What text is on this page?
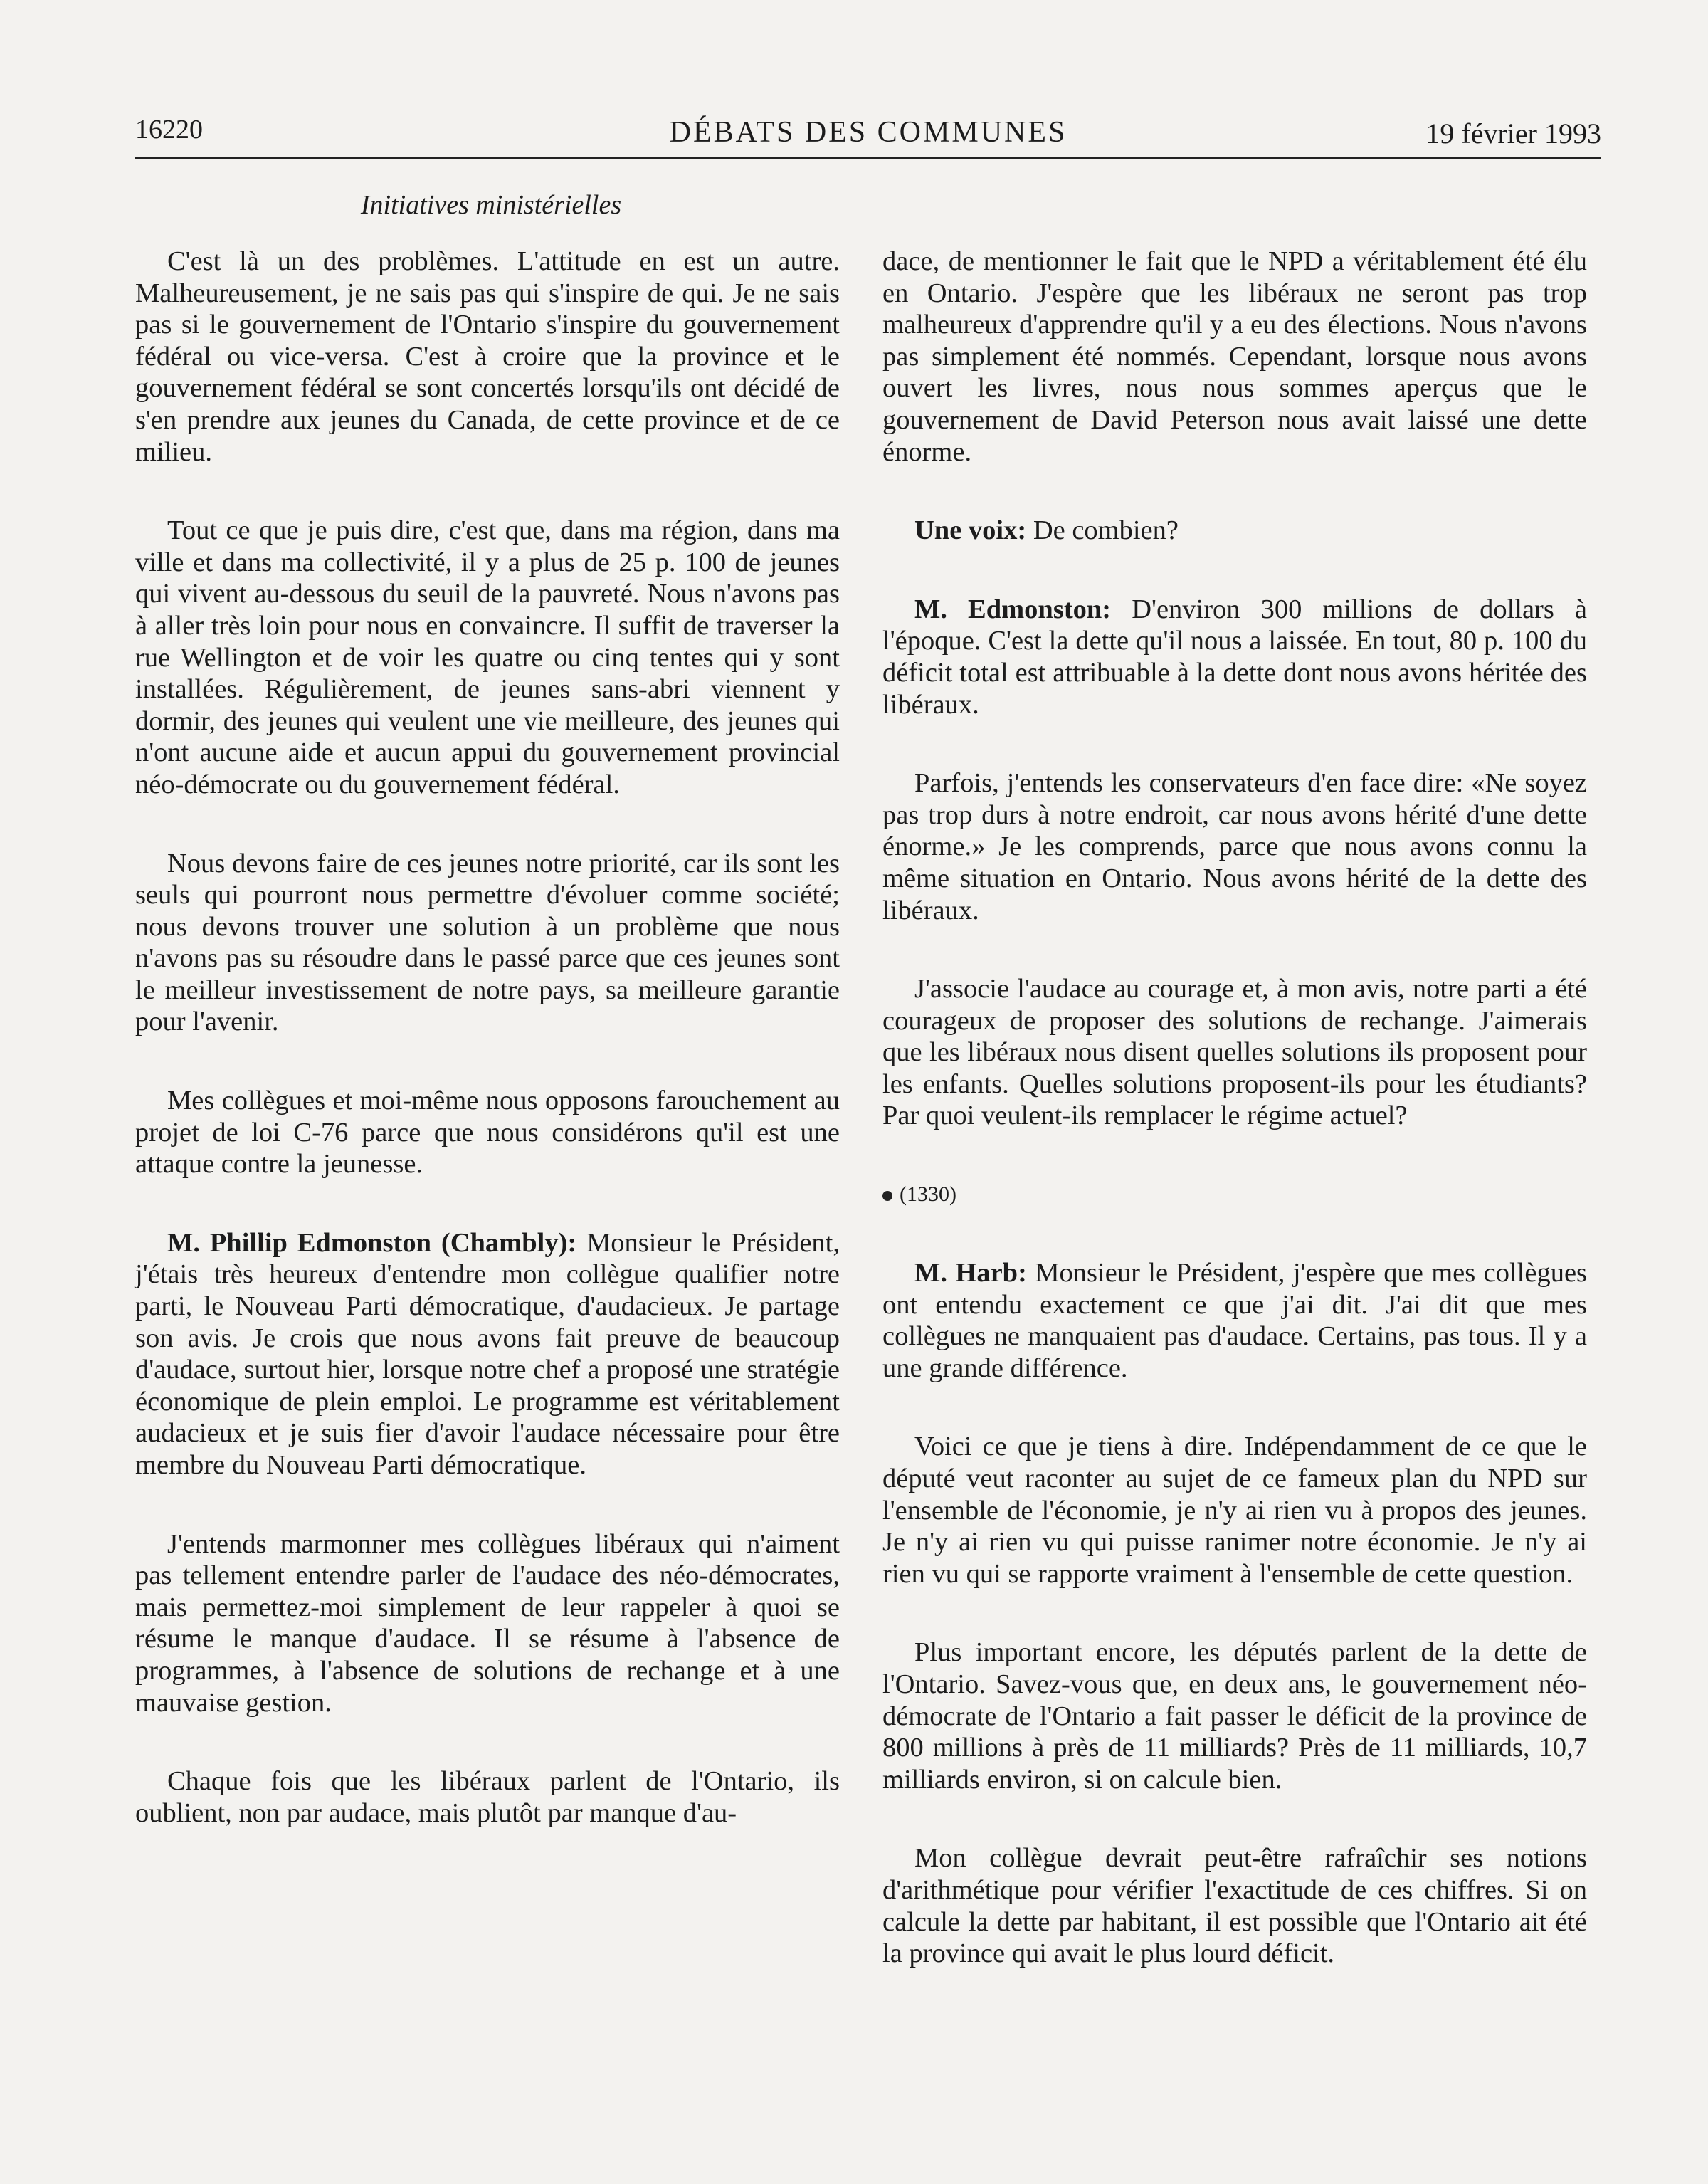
16220	DÉBATS DES COMMUNES	19 février 1993
Initiatives ministérielles

C'est là un des problèmes. L'attitude en est un autre. Malheureusement, je ne sais pas qui s'inspire de qui. Je ne sais pas si le gouvernement de l'Ontario s'inspire du gouvernement fédéral ou vice-versa. C'est à croire que la province et le gouvernement fédéral se sont concertés lorsqu'ils ont décidé de s'en prendre aux jeunes du Canada, de cette province et de ce milieu.

Tout ce que je puis dire, c'est que, dans ma région, dans ma ville et dans ma collectivité, il y a plus de 25 p. 100 de jeunes qui vivent au-dessous du seuil de la pauvreté. Nous n'avons pas à aller très loin pour nous en convaincre. Il suffit de traverser la rue Wellington et de voir les quatre ou cinq tentes qui y sont installées. Régulièrement, de jeunes sans-abri viennent y dormir, des jeunes qui veulent une vie meilleure, des jeunes qui n'ont aucune aide et aucun appui du gouvernement provincial néo-démocrate ou du gouvernement fédéral.

Nous devons faire de ces jeunes notre priorité, car ils sont les seuls qui pourront nous permettre d'évoluer comme société; nous devons trouver une solution à un problème que nous n'avons pas su résoudre dans le passé parce que ces jeunes sont le meilleur investissement de notre pays, sa meilleure garantie pour l'avenir.

Mes collègues et moi-même nous opposons farouchement au projet de loi C-76 parce que nous considérons qu'il est une attaque contre la jeunesse.

M. Phillip Edmonston (Chambly): Monsieur le Président, j'étais très heureux d'entendre mon collègue qualifier notre parti, le Nouveau Parti démocratique, d'audacieux. Je partage son avis. Je crois que nous avons fait preuve de beaucoup d'audace, surtout hier, lorsque notre chef a proposé une stratégie économique de plein emploi. Le programme est véritablement audacieux et je suis fier d'avoir l'audace nécessaire pour être membre du Nouveau Parti démocratique.

J'entends marmonner mes collègues libéraux qui n'aiment pas tellement entendre parler de l'audace des néo-démocrates, mais permettez-moi simplement de leur rappeler à quoi se résume le manque d'audace. Il se résume à l'absence de programmes, à l'absence de solutions de rechange et à une mauvaise gestion.

Chaque fois que les libéraux parlent de l'Ontario, ils oublient, non par audace, mais plutôt par manque d'au-

dace, de mentionner le fait que le NPD a véritablement été élu en Ontario. J'espère que les libéraux ne seront pas trop malheureux d'apprendre qu'il y a eu des élections. Nous n'avons pas simplement été nommés. Cependant, lorsque nous avons ouvert les livres, nous nous sommes aperçus que le gouvernement de David Peterson nous avait laissé une dette énorme.

Une voix: De combien?

M. Edmonston: D'environ 300 millions de dollars à l'époque. C'est la dette qu'il nous a laissée. En tout, 80 p. 100 du déficit total est attribuable à la dette dont nous avons héritée des libéraux.

Parfois, j'entends les conservateurs d'en face dire: «Ne soyez pas trop durs à notre endroit, car nous avons hérité d'une dette énorme.» Je les comprends, parce que nous avons connu la même situation en Ontario. Nous avons hérité de la dette des libéraux.

J'associe l'audace au courage et, à mon avis, notre parti a été courageux de proposer des solutions de rechange. J'aimerais que les libéraux nous disent quelles solutions ils proposent pour les enfants. Quelles solutions proposent-ils pour les étudiants? Par quoi veulent-ils remplacer le régime actuel?

(1330)

M. Harb: Monsieur le Président, j'espère que mes collègues ont entendu exactement ce que j'ai dit. J'ai dit que mes collègues ne manquaient pas d'audace. Certains, pas tous. Il y a une grande différence.

Voici ce que je tiens à dire. Indépendamment de ce que le député veut raconter au sujet de ce fameux plan du NPD sur l'ensemble de l'économie, je n'y ai rien vu à propos des jeunes. Je n'y ai rien vu qui puisse ranimer notre économie. Je n'y ai rien vu qui se rapporte vraiment à l'ensemble de cette question.

Plus important encore, les députés parlent de la dette de l'Ontario. Savez-vous que, en deux ans, le gouvernement néo-démocrate de l'Ontario a fait passer le déficit de la province de 800 millions à près de 11 milliards? Près de 11 milliards, 10,7 milliards environ, si on calcule bien.

Mon collègue devrait peut-être rafraîchir ses notions d'arithmétique pour vérifier l'exactitude de ces chiffres. Si on calcule la dette par habitant, il est possible que l'Ontario ait été la province qui avait le plus lourd déficit.
